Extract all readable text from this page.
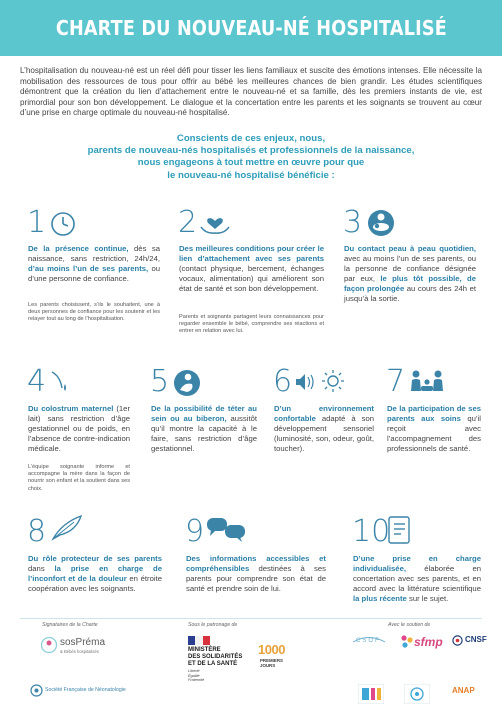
CHARTE DU NOUVEAU-NÉ HOSPITALISÉ

L’hospitalisation du nouveau-né est un réel défi pour tisser les liens familiaux et suscite des émotions intenses. Elle nécessite la mobilisation des ressources de tous pour offrir au bébé les meilleures chances de bien grandir. Les études scientifiques démontrent que la création du lien d’attachement entre le nouveau-né et sa famille, dès les premiers instants de vie, est primordial pour son bon développement. Le dialogue et la concertation entre les parents et les soignants se trouvent au cœur d’une prise en charge optimale du nouveau-né hospitalisé.

Conscients de ces enjeux, nous,
parents de nouveau-nés hospitalisés et professionnels de la naissance,
nous engageons à tout mettre en œuvre pour que
le nouveau-né hospitalisé bénéficie :
1

De la présence continue, dès sa naissance, sans restriction, 24h/24, d’au moins l’un de ses parents, ou d’une personne de confiance.

Les parents choisissent, s’ils le souhaitent, une à deux personnes de confiance pour les soutenir et les relayer tout au long de l’hospitalisation.

2

Des meilleures conditions pour créer le lien d’attachement avec ses parents (contact physique, bercement, échanges vocaux, alimentation) qui améliorent son état de santé et son bon développement.

Parents et soignants partagent leurs connaissances pour regarder ensemble le bébé, comprendre ses réactions et entrer en relation avec lui.

3

Du contact peau à peau quotidien, avec au moins l’un de ses parents, ou la personne de confiance désignée par eux, le plus tôt possible, de façon prolongée au cours des 24h et jusqu’à la sortie.

4

Du colostrum maternel (1er lait) sans restriction d’âge gestationnel ou de poids, en l’absence de contre-indication médicale.

L’équipe soignante informe et accompagne la mère dans la façon de nourrir son enfant et la soutient dans ses choix.

5

De la possibilité de téter au sein ou au biberon, aussitôt qu’il montre la capacité à le faire, sans restriction d’âge gestationnel.

6

D’un environnement confortable adapté à son développement sensoriel (luminosité, son, odeur, goût, toucher).

7

De la participation de ses parents aux soins qu’il reçoit avec l’accompagnement des professionnels de santé.

8

Du rôle protecteur de ses parents dans la prise en charge de l’inconfort et de la douleur en étroite coopération avec les soignants.

9

Des informations accessibles et compréhensibles destinées à ses parents pour comprendre son état de santé et prendre soin de lui.

10

D’une prise en charge individualisée, élaborée en concertation avec ses parents, et en accord avec la littérature scientifique la plus récente sur le sujet.

Signataires de la Charte	Sous le patronage de	Avec le soutien de
sosPréma
& Bébés hospitalisés
Société Française de Néonatologie
MINISTÈRE
DES SOLIDARITÉS
ET DE LA SANTÉ
Liberté
Égalité
Fraternité
1000
PREMIERS
JOURS
CSOF	sfmp	CNSF
ANAP
